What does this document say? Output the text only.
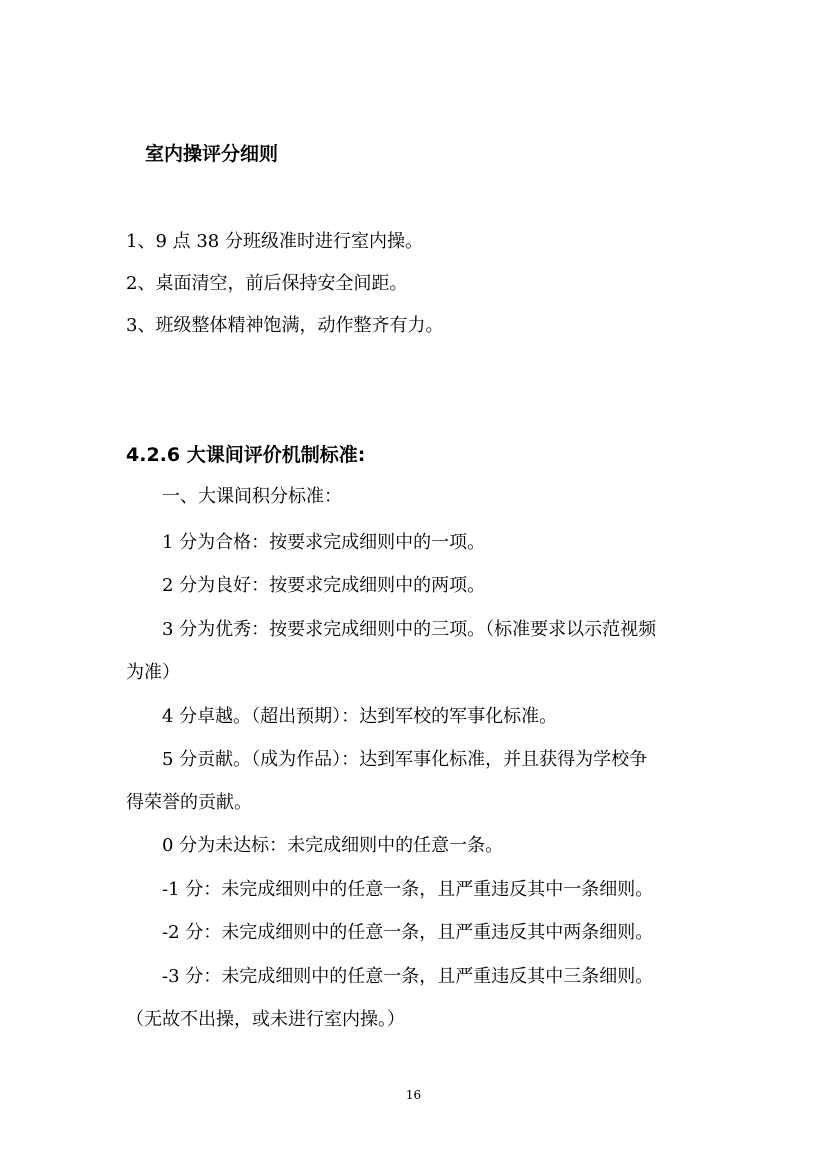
室内操评分细则
1、9 点 38 分班级准时进行室内操。
2、桌面清空，前后保持安全间距。
3、班级整体精神饱满，动作整齐有力。
4.2.6 大课间评价机制标准:
一、大课间积分标准：
1 分为合格：按要求完成细则中的一项。
2 分为良好：按要求完成细则中的两项。
3 分为优秀：按要求完成细则中的三项。（标准要求以示范视频
为准）
4 分卓越。（超出预期）：达到军校的军事化标准。
5 分贡献。（成为作品）：达到军事化标准，并且获得为学校争
得荣誉的贡献。
0 分为未达标：未完成细则中的任意一条。
-1 分：未完成细则中的任意一条，且严重违反其中一条细则。
-2 分：未完成细则中的任意一条，且严重违反其中两条细则。
-3 分：未完成细则中的任意一条，且严重违反其中三条细则。
（无故不出操，或未进行室内操。）
16
